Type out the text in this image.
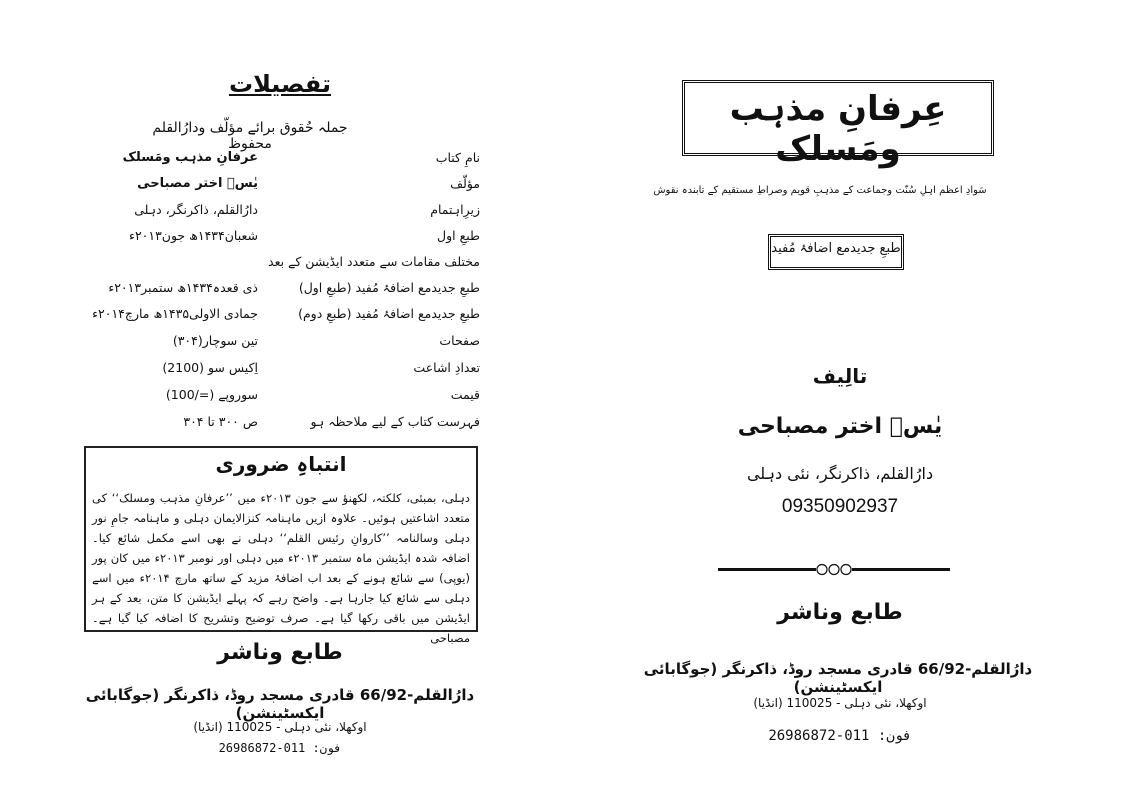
تفصیلات
جملہ حُقوق برائے مؤلّف ودارُالقلم محفوظ
نامِ کتاب
عرفانِ مذہب ومَسلک
مؤلّف
یٰسؔ اختر مصباحی
زیرِاہتمام
دارُالقلم، ذاکرنگر، دہلی
طبعِ اول
شعبان۱۴۳۴ھ جون۲۰۱۳ء
مختلف مقامات سے متعدد ایڈیشن کے بعد
طبعِ جدیدمع اضافۂ مُفید (طبعِ اول)
ذی قعدہ۱۴۳۴ھ ستمبر۲۰۱۳ء
طبعِ جدیدمع اضافۂ مُفید (طبعِ دوم)
جمادی الاولی۱۴۳۵ھ مارچ۲۰۱۴ء
صفحات
تین سوچار(۳۰۴)
تعدادِ اشاعت
اِکیس سو (2100)
قیمت
سوروپے (=/100)
فہرست کتاب کے لیے ملاحظہ ہو
ص ۳۰۰ تا ۳۰۴
انتباہِ ضروری
دہلی، بمبئی، کلکتہ، لکھنؤ سے جون ۲۰۱۳ء میں ’’عرفانِ مذہب ومسلک‘‘ کی متعدد اشاعتیں ہوئیں۔ علاوہ ازیں ماہنامہ کنزالایمان دہلی و ماہنامہ جامِ نور دہلی وسالنامہ ’’کاروانِ رئیس القلم‘‘ دہلی نے بھی اسے مکمل شائع کیا۔ اضافہ شدہ ایڈیشن ماہ ستمبر ۲۰۱۳ء میں دہلی اور نومبر ۲۰۱۳ء میں کان پور (یوپی) سے شائع ہونے کے بعد اب اضافۂ مزید کے ساتھ مارچ ۲۰۱۴ء میں اسے دہلی سے شائع کیا جارہا ہے۔ واضح رہے کہ پہلے ایڈیشن کا متن، بعد کے ہر ایڈیشن میں باقی رکھا گیا ہے۔ صرف توضیح وتشریح کا اضافہ کیا گیا ہے۔ مصباحی
طابع وناشر
دارُالقلم-66/92 قادری مسجد روڈ، ذاکرنگر (جوگابائی ایکسٹینشن)
اوکھلا، نئی دہلی - 110025 (انڈیا)
فون: 011-26986872
عِرفانِ مذہب ومَسلک
سَوادِ اعظم اہلِ سُنّت وجماعت کے مذہبِ قویم وصراطِ مستقیم کے تابندہ نقوش
طبعِ جدیدمع اضافۂ مُفید
تالِیف
یٰسؔ اختر مصباحی
دارُالقلم، ذاکرنگر، نئی دہلی
09350902937
طابع وناشر
دارُالقلم-66/92 قادری مسجد روڈ، ذاکرنگر (جوگابائی ایکسٹینشن)
اوکھلا، نئی دہلی - 110025 (انڈیا)
فون: 011-26986872
